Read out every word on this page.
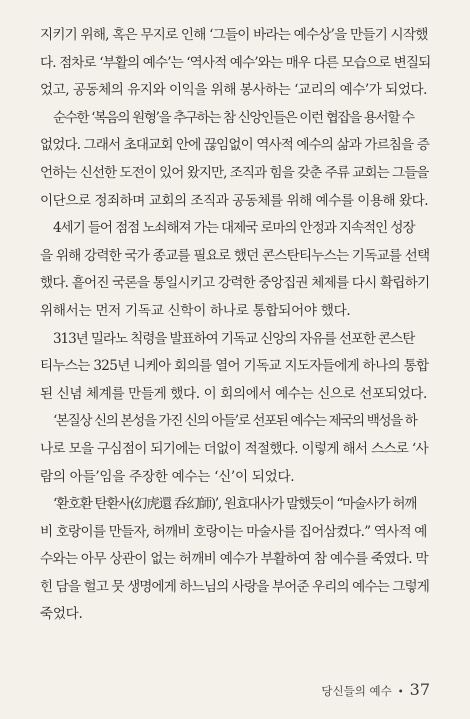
지키기 위해, 혹은 무지로 인해 ‘그들이 바라는 예수상’을 만들기 시작했
다. 점차로 ‘부활의 예수’는 ‘역사적 예수’와는 매우 다른 모습으로 변질되
었고, 공동체의 유지와 이익을 위해 봉사하는 ‘교리의 예수’가 되었다.
순수한 ‘복음의 원형’을 추구하는 참 신앙인들은 이런 협잡을 용서할 수
없었다. 그래서 초대교회 안에 끊임없이 역사적 예수의 삶과 가르침을 증
언하는 신선한 도전이 있어 왔지만, 조직과 힘을 갖춘 주류 교회는 그들을
이단으로 정죄하며 교회의 조직과 공동체를 위해 예수를 이용해 왔다.
4세기 들어 점점 노쇠해져 가는 대제국 로마의 안정과 지속적인 성장
을 위해 강력한 국가 종교를 필요로 했던 콘스탄티누스는 기독교를 선택
했다. 흩어진 국론을 통일시키고 강력한 중앙집권 체제를 다시 확립하기
위해서는 먼저 기독교 신학이 하나로 통합되어야 했다.
313년 밀라노 칙령을 발표하여 기독교 신앙의 자유를 선포한 콘스탄
티누스는 325년 니케아 회의를 열어 기독교 지도자들에게 하나의 통합
된 신념 체계를 만들게 했다. 이 회의에서 예수는 신으로 선포되었다.
‘본질상 신의 본성을 가진 신의 아들’로 선포된 예수는 제국의 백성을 하
나로 모을 구심점이 되기에는 더없이 적절했다. 이렇게 해서 스스로 ‘사
람의 아들’임을 주장한 예수는 ‘신’이 되었다.
‘환호환 탄환사(幻虎還 呑幻師)’, 원효대사가 말했듯이 “마술사가 허깨
비 호랑이를 만들자, 허깨비 호랑이는 마술사를 집어삼켰다.” 역사적 예
수와는 아무 상관이 없는 허깨비 예수가 부활하여 참 예수를 죽였다. 막
힌 담을 헐고 뭇 생명에게 하느님의 사랑을 부어준 우리의 예수는 그렇게
죽었다.
당신들의 예수 • 37
